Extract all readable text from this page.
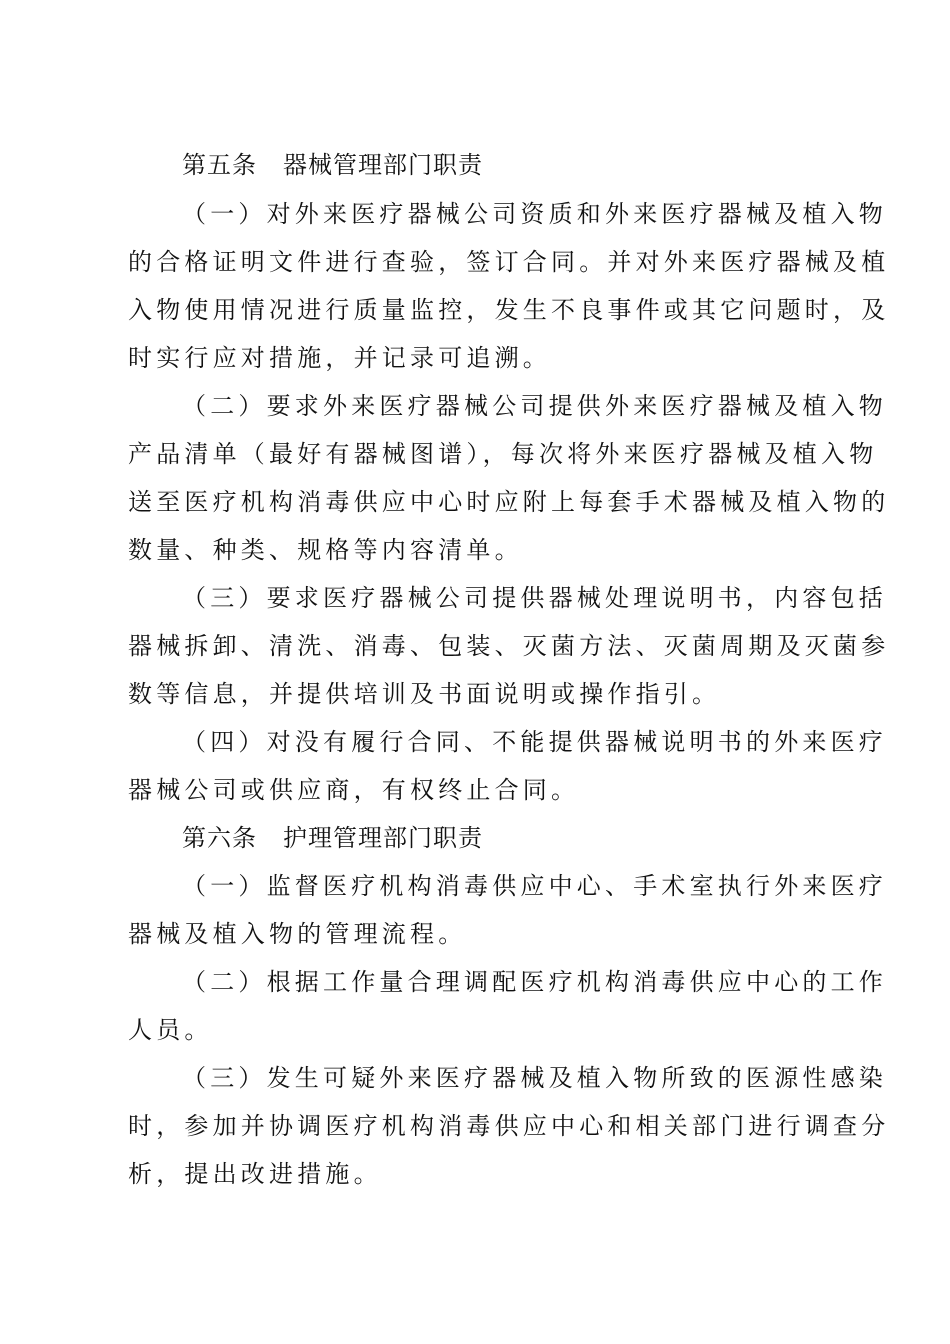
第五条 器械管理部门职责
（一）对外来医疗器械公司资质和外来医疗器械及植入物
的合格证明文件进行查验，签订合同。并对外来医疗器械及植
入物使用情况进行质量监控，发生不良事件或其它问题时，及
时实行应对措施，并记录可追溯。
（二）要求外来医疗器械公司提供外来医疗器械及植入物
产品清单（最好有器械图谱），每次将外来医疗器械及植入物
送至医疗机构消毒供应中心时应附上每套手术器械及植入物的
数量、种类、规格等内容清单。
（三）要求医疗器械公司提供器械处理说明书，内容包括
器械拆卸、清洗、消毒、包装、灭菌方法、灭菌周期及灭菌参
数等信息，并提供培训及书面说明或操作指引。
（四）对没有履行合同、不能提供器械说明书的外来医疗
器械公司或供应商，有权终止合同。
第六条 护理管理部门职责
（一）监督医疗机构消毒供应中心、手术室执行外来医疗
器械及植入物的管理流程。
（二）根据工作量合理调配医疗机构消毒供应中心的工作
人员。
（三）发生可疑外来医疗器械及植入物所致的医源性感染
时，参加并协调医疗机构消毒供应中心和相关部门进行调查分
析，提出改进措施。
